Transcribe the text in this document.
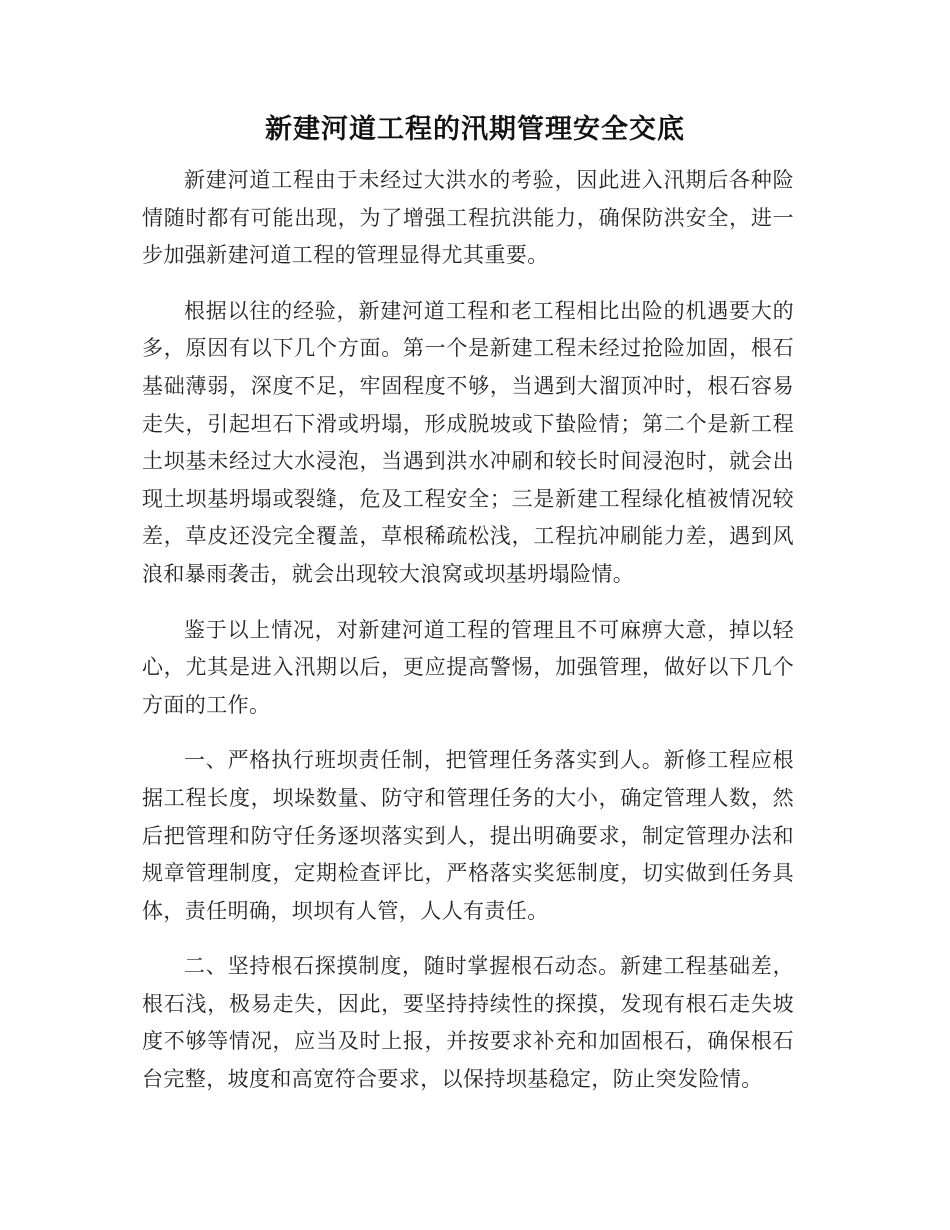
新建河道工程的汛期管理安全交底

新建河道工程由于未经过大洪水的考验，因此进入汛期后各种险情随时都有可能出现，为了增强工程抗洪能力，确保防洪安全，进一步加强新建河道工程的管理显得尤其重要。

根据以往的经验，新建河道工程和老工程相比出险的机遇要大的多，原因有以下几个方面。第一个是新建工程未经过抢险加固，根石基础薄弱，深度不足，牢固程度不够，当遇到大溜顶冲时，根石容易走失，引起坦石下滑或坍塌，形成脱坡或下蛰险情；第二个是新工程土坝基未经过大水浸泡，当遇到洪水冲刷和较长时间浸泡时，就会出现土坝基坍塌或裂缝，危及工程安全；三是新建工程绿化植被情况较差，草皮还没完全覆盖，草根稀疏松浅，工程抗冲刷能力差，遇到风浪和暴雨袭击，就会出现较大浪窝或坝基坍塌险情。

鉴于以上情况，对新建河道工程的管理且不可麻痹大意，掉以轻心，尤其是进入汛期以后，更应提高警惕，加强管理，做好以下几个方面的工作。

一、严格执行班坝责任制，把管理任务落实到人。新修工程应根据工程长度，坝垛数量、防守和管理任务的大小，确定管理人数，然后把管理和防守任务逐坝落实到人，提出明确要求，制定管理办法和规章管理制度，定期检查评比，严格落实奖惩制度，切实做到任务具体，责任明确，坝坝有人管，人人有责任。

二、坚持根石探摸制度，随时掌握根石动态。新建工程基础差，根石浅，极易走失，因此，要坚持持续性的探摸，发现有根石走失坡度不够等情况，应当及时上报，并按要求补充和加固根石，确保根石台完整，坡度和高宽符合要求，以保持坝基稳定，防止突发险情。
